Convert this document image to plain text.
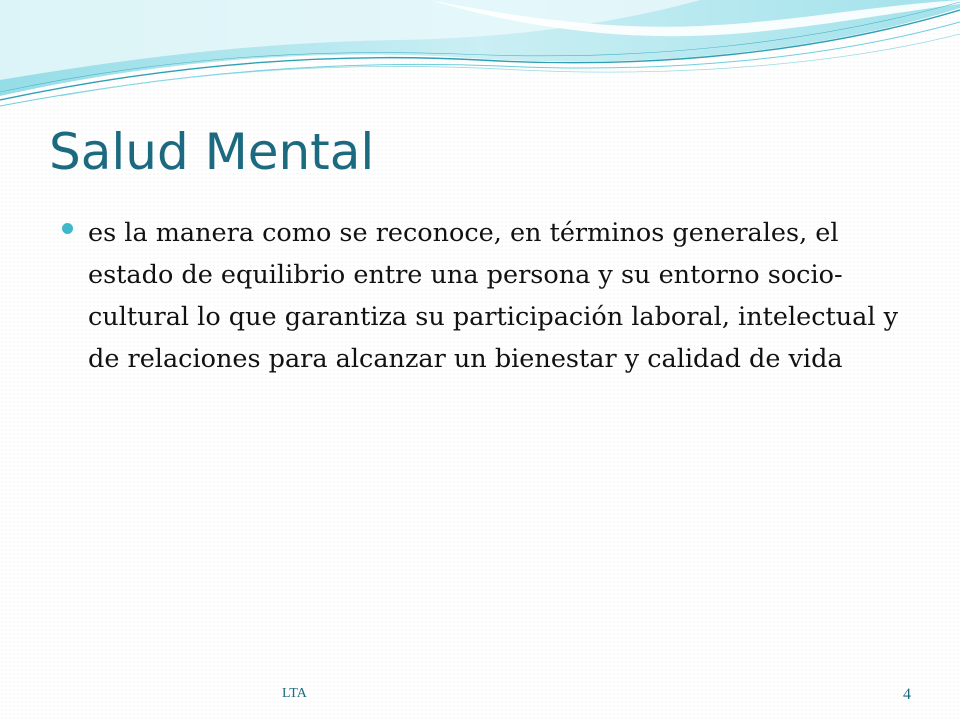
Salud Mental
es la manera como se reconoce, en términos generales, el estado de equilibrio entre una persona y su entorno socio-cultural lo que garantiza su participación laboral, intelectual y de relaciones para alcanzar un bienestar y calidad de vida
LTA	4
